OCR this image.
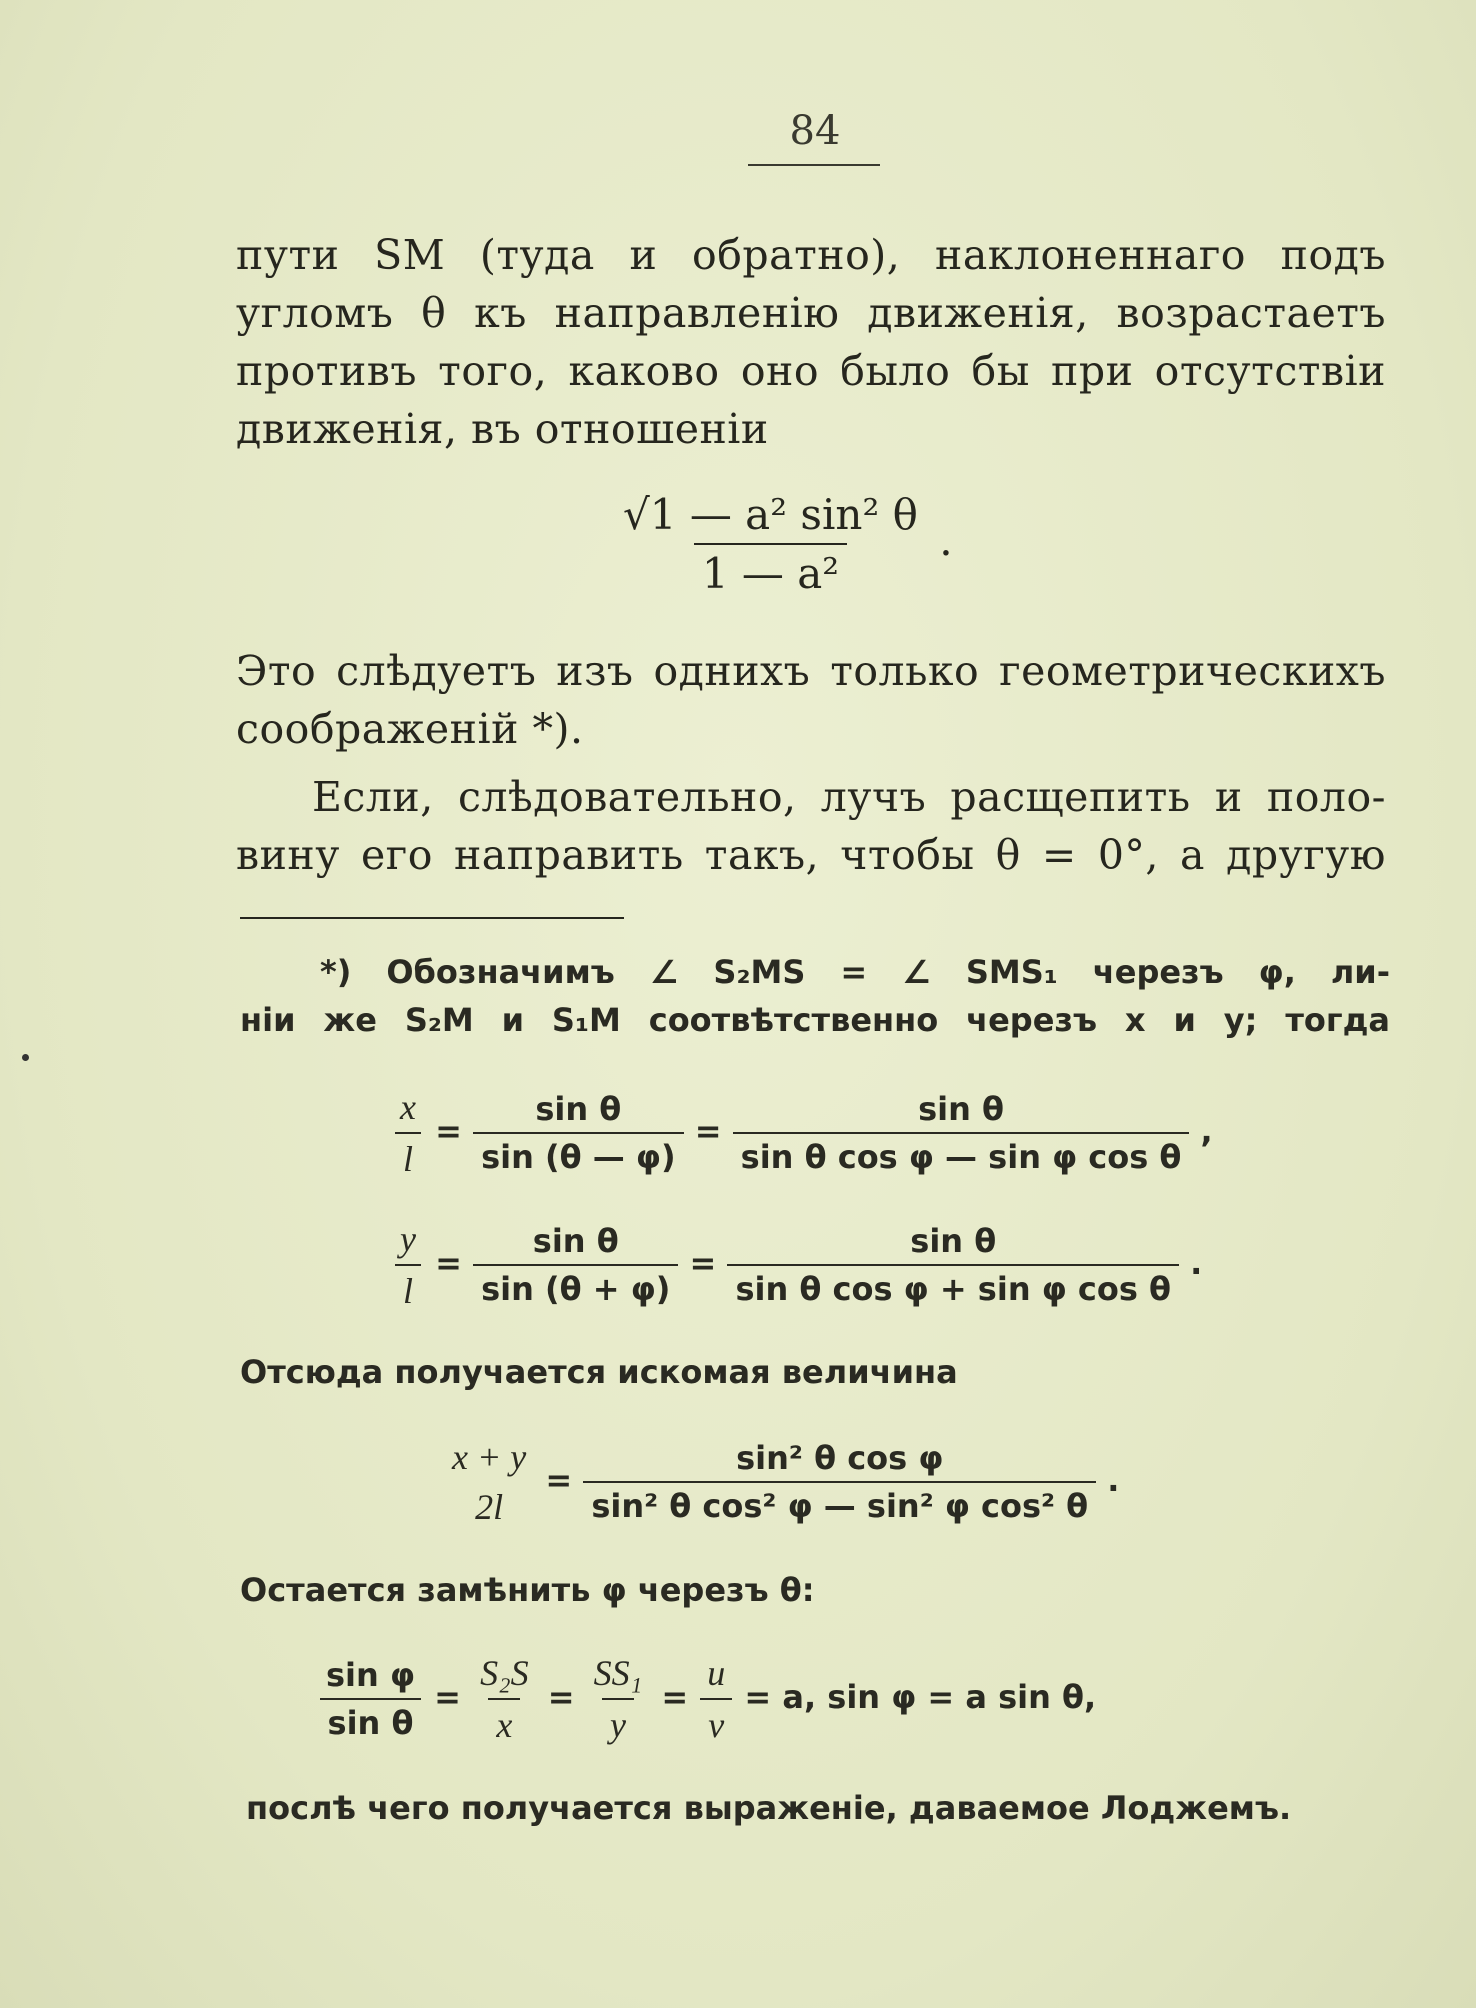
84
пути SM (туда и обратно), наклоненнаго подъ
угломъ θ къ направленію движенія, возрастаетъ
противъ того, каково оно было бы при отсутствіи
движенія, въ отношеніи
$\frac{\text{√1 — a² sin² θ}}{\text{1 — a²}}$ .
Это слѣдуетъ изъ однихъ только геометрическихъ
соображеній *).
Если, слѣдовательно, лучъ расщепить и поло-
вину его направить такъ, чтобы θ = 0°, а другую
*) Обозначимъ ∠ S₂MS = ∠ SMS₁ черезъ φ, ли-
ніи же S₂M и S₁M соотвѣтственно черезъ x и y; тогда
$\frac{x}{l} = \frac{\text{sin θ}}{\sin (\theta — \varphi)} = \frac{\text{sin θ}}{\text{sin θ cos φ — sin φ cos θ}}$ ,
$\frac{y}{l} = \frac{\text{sin θ}}{\sin (\theta + \varphi)} = \frac{\text{sin θ}}{\text{sin θ cos φ + sin φ cos θ}}$ .
Отсюда получается искомая величина
x + y
2l
= $\frac{\text{sin² θ cos φ}}{\text{sin² θ cos² φ — sin² φ cos² θ}}$ .
Остается замѣнить φ черезъ θ:
$\frac{\text{sin φ}}{\text{sin θ}} = \frac{\text{S₂S}}{x} = \frac{\text{SS₁}}{y} = \frac{u}{v} = a$, sin φ = a sin θ,
послѣ чего получается выраженіе, даваемое Лоджемъ.
